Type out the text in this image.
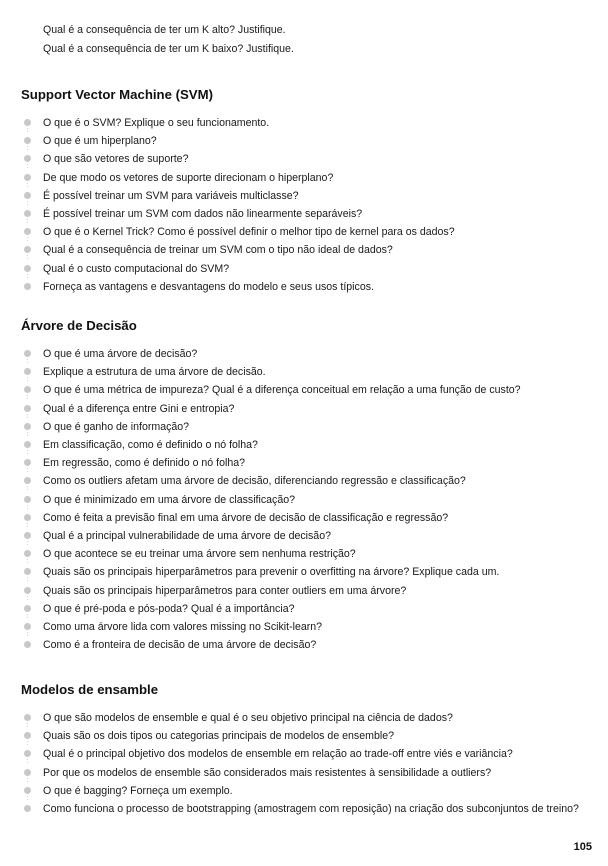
Qual é a consequência de ter um K alto? Justifique.

Qual é a consequência de ter um K baixo? Justifique.

Support Vector Machine (SVM)
O que é o SVM? Explique o seu funcionamento.
O que é um hiperplano?
O que são vetores de suporte?
De que modo os vetores de suporte direcionam o hiperplano?
É possível treinar um SVM para variáveis multiclasse?
É possível treinar um SVM com dados não linearmente separáveis?
O que é o Kernel Trick? Como é possível definir o melhor tipo de kernel para os dados?
Qual é a consequência de treinar um SVM com o tipo não ideal de dados?
Qual é o custo computacional do SVM?
Forneça as vantagens e desvantagens do modelo e seus usos típicos.
Árvore de Decisão
O que é uma árvore de decisão?
Explique a estrutura de uma árvore de decisão.
O que é uma métrica de impureza? Qual é a diferença conceitual em relação a uma função de custo?
Qual é a diferença entre Gini e entropia?
O que é ganho de informação?
Em classificação, como é definido o nó folha?
Em regressão, como é definido o nó folha?
Como os outliers afetam uma árvore de decisão, diferenciando regressão e classificação?
O que é minimizado em uma árvore de classificação?
Como é feita a previsão final em uma árvore de decisão de classificação e regressão?
Qual é a principal vulnerabilidade de uma árvore de decisão?
O que acontece se eu treinar uma árvore sem nenhuma restrição?
Quais são os principais hiperparâmetros para prevenir o overfitting na árvore? Explique cada um.
Quais são os principais hiperparâmetros para conter outliers em uma árvore?
O que é pré-poda e pós-poda? Qual é a importância?
Como uma árvore lida com valores missing no Scikit-learn?
Como é a fronteira de decisão de uma árvore de decisão?
Modelos de ensamble
O que são modelos de ensemble e qual é o seu objetivo principal na ciência de dados?
Quais são os dois tipos ou categorias principais de modelos de ensemble?
Qual é o principal objetivo dos modelos de ensemble em relação ao trade-off entre viés e variância?
Por que os modelos de ensemble são considerados mais resistentes à sensibilidade a outliers?
O que é bagging? Forneça um exemplo.
Como funciona o processo de bootstrapping (amostragem com reposição) na criação dos subconjuntos de treino?
105
